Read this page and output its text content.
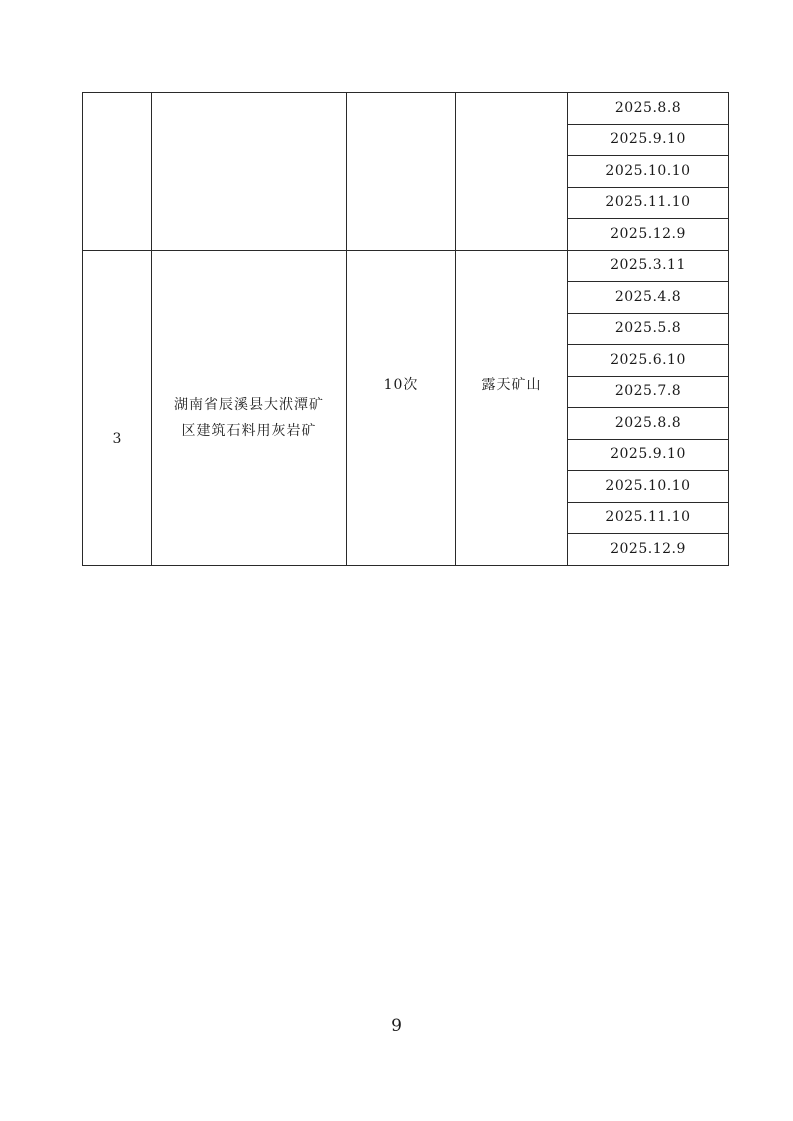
				2025.8.8
				2025.9.10
				2025.10.10
				2025.11.10
				2025.12.9
3	湖南省辰溪县大洑潭矿区建筑石料用灰岩矿	10次	露天矿山	2025.3.11
				2025.4.8
				2025.5.8
				2025.6.10
				2025.7.8
				2025.8.8
				2025.9.10
				2025.10.10
				2025.11.10
				2025.12.9
9
